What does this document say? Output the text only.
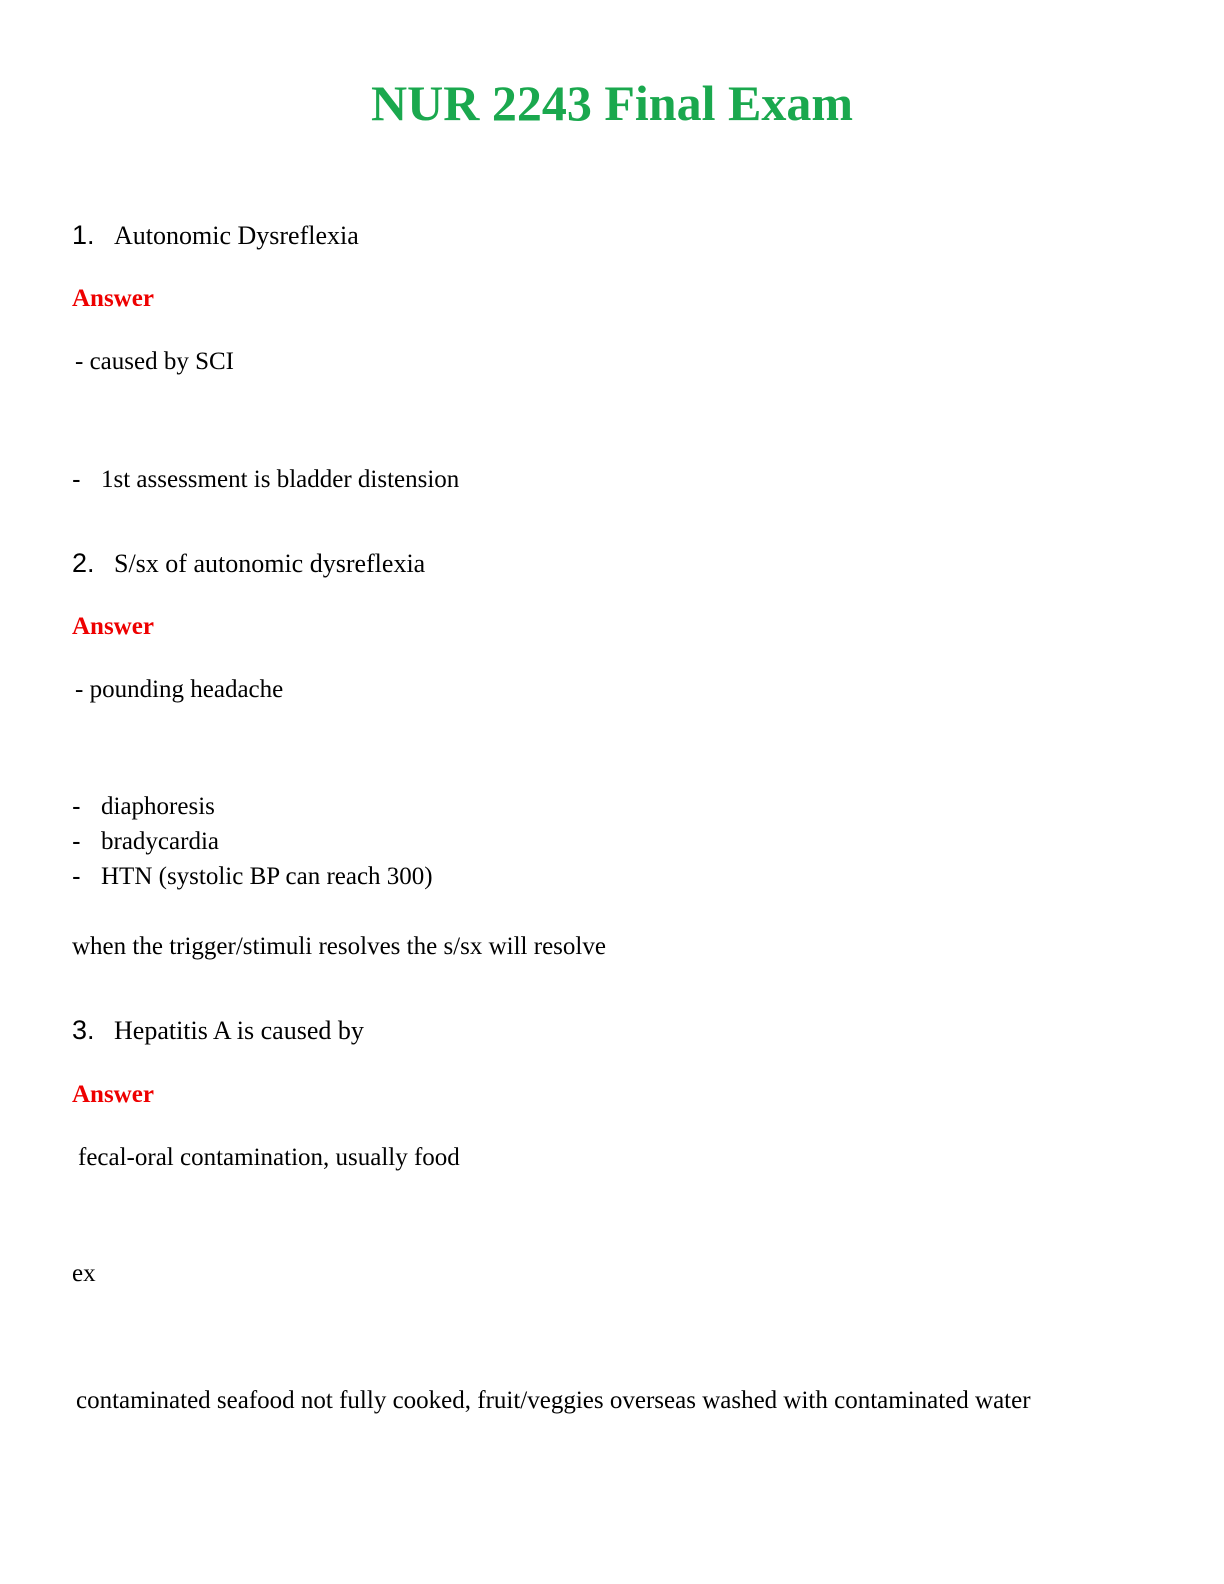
NUR 2243 Final Exam
1. Autonomic Dysreflexia
Answer
- caused by SCI
- 1st assessment is bladder distension
2. S/sx of autonomic dysreflexia
Answer
- pounding headache
- diaphoresis
- bradycardia
- HTN (systolic BP can reach 300)
when the trigger/stimuli resolves the s/sx will resolve
3. Hepatitis A is caused by
Answer
fecal-oral contamination, usually food
ex
contaminated seafood not fully cooked, fruit/veggies overseas washed with contaminated water
